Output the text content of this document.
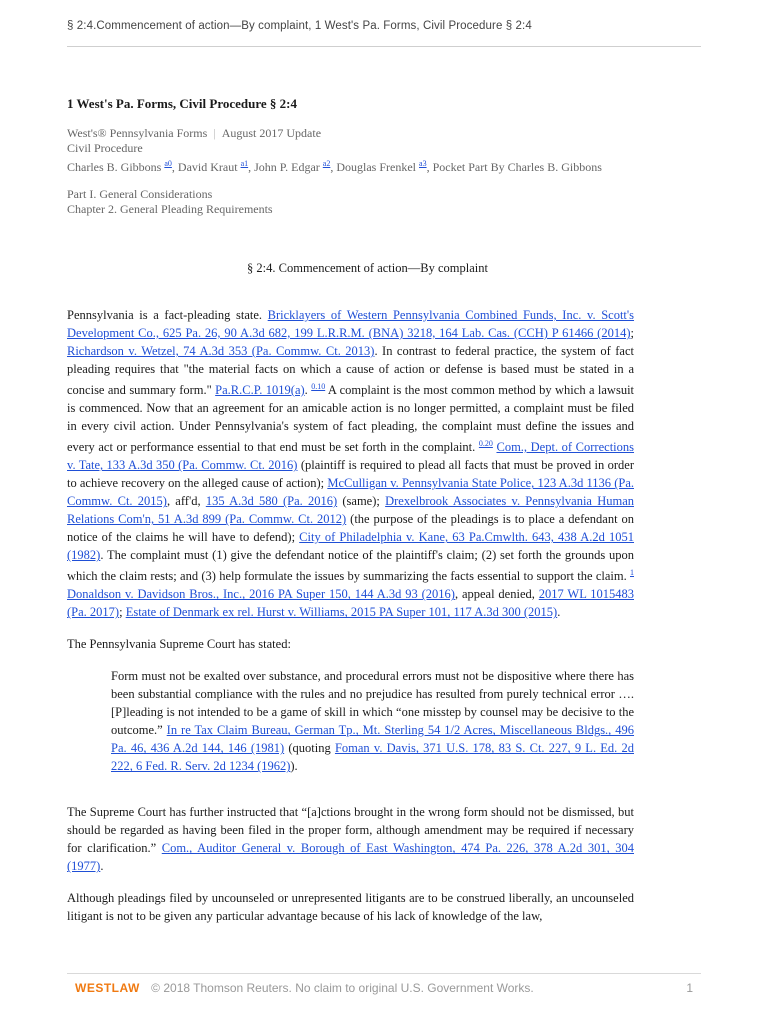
§ 2:4.Commencement of action—By complaint, 1 West's Pa. Forms, Civil Procedure § 2:4
1 West's Pa. Forms, Civil Procedure § 2:4
West's® Pennsylvania Forms | August 2017 Update
Civil Procedure
Charles B. Gibbons $^{a0}$, David Kraut $^{a1}$, John P. Edgar $^{a2}$, Douglas Frenkel $^{a3}$, Pocket Part By Charles B. Gibbons
Part I. General Considerations
Chapter 2. General Pleading Requirements
§ 2:4. Commencement of action—By complaint

Pennsylvania is a fact-pleading state. Bricklayers of Western Pennsylvania Combined Funds, Inc. v. Scott's Development Co., 625 Pa. 26, 90 A.3d 682, 199 L.R.R.M. (BNA) 3218, 164 Lab. Cas. (CCH) P 61466 (2014); Richardson v. Wetzel, 74 A.3d 353 (Pa. Commw. Ct. 2013). In contrast to federal practice, the system of fact pleading requires that "the material facts on which a cause of action or defense is based must be stated in a concise and summary form." Pa.R.C.P. 1019(a). $^{0.10}$ A complaint is the most common method by which a lawsuit is commenced. Now that an agreement for an amicable action is no longer permitted, a complaint must be filed in every civil action. Under Pennsylvania's system of fact pleading, the complaint must define the issues and every act or performance essential to that end must be set forth in the complaint. $^{0.20}$ Com., Dept. of Corrections v. Tate, 133 A.3d 350 (Pa. Commw. Ct. 2016) (plaintiff is required to plead all facts that must be proved in order to achieve recovery on the alleged cause of action); McCulligan v. Pennsylvania State Police, 123 A.3d 1136 (Pa. Commw. Ct. 2015), aff'd, 135 A.3d 580 (Pa. 2016) (same); Drexelbrook Associates v. Pennsylvania Human Relations Com'n, 51 A.3d 899 (Pa. Commw. Ct. 2012) (the purpose of the pleadings is to place a defendant on notice of the claims he will have to defend); City of Philadelphia v. Kane, 63 Pa.Cmwlth. 643, 438 A.2d 1051 (1982). The complaint must (1) give the defendant notice of the plaintiff's claim; (2) set forth the grounds upon which the claim rests; and (3) help formulate the issues by summarizing the facts essential to support the claim. $^1$ Donaldson v. Davidson Bros., Inc., 2016 PA Super 150, 144 A.3d 93 (2016), appeal denied, 2017 WL 1015483 (Pa. 2017); Estate of Denmark ex rel. Hurst v. Williams, 2015 PA Super 101, 117 A.3d 300 (2015).

The Pennsylvania Supreme Court has stated:

Form must not be exalted over substance, and procedural errors must not be dispositive where there has been substantial compliance with the rules and no prejudice has resulted from purely technical error …. [P]leading is not intended to be a game of skill in which “one misstep by counsel may be decisive to the outcome.” In re Tax Claim Bureau, German Tp., Mt. Sterling 54 1/2 Acres, Miscellaneous Bldgs., 496 Pa. 46, 436 A.2d 144, 146 (1981) (quoting Foman v. Davis, 371 U.S. 178, 83 S. Ct. 227, 9 L. Ed. 2d 222, 6 Fed. R. Serv. 2d 1234 (1962)).

The Supreme Court has further instructed that “[a]ctions brought in the wrong form should not be dismissed, but should be regarded as having been filed in the proper form, although amendment may be required if necessary for clarification.” Com., Auditor General v. Borough of East Washington, 474 Pa. 226, 378 A.2d 301, 304 (1977).

Although pleadings filed by uncounseled or unrepresented litigants are to be construed liberally, an uncounseled litigant is not to be given any particular advantage because of his lack of knowledge of the law,

WESTLAW © 2018 Thomson Reuters. No claim to original U.S. Government Works.	1
